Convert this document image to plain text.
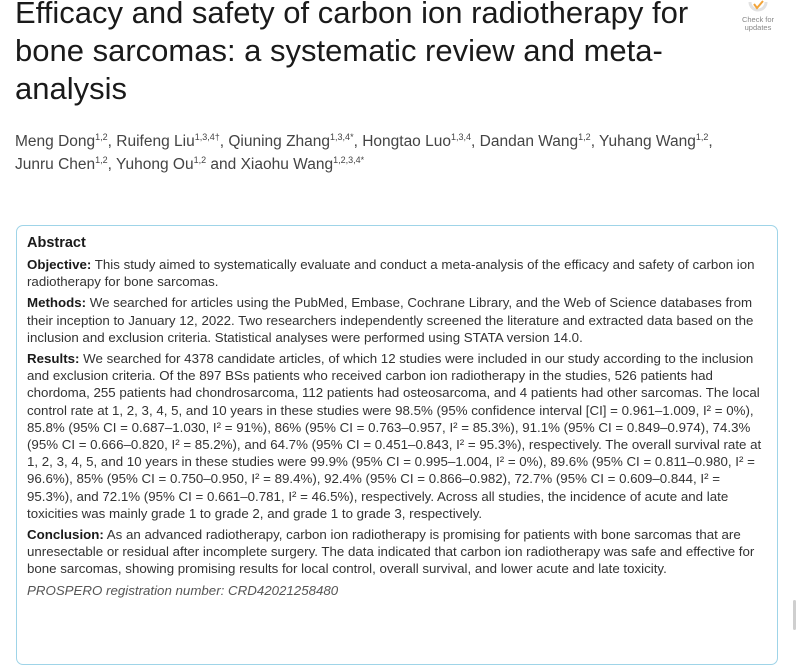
Efficacy and safety of carbon ion radiotherapy for bone sarcomas: a systematic review and meta-analysis
Check for
updates
Meng Dong$^{1,2}$, Ruifeng Liu$^{1,3,4\dagger}$, Qiuning Zhang$^{1,3,4*}$, Hongtao Luo$^{1,3,4}$, Dandan Wang$^{1,2}$, Yuhang Wang$^{1,2}$,
Junru Chen$^{1,2}$, Yuhong Ou$^{1,2}$ and Xiaohu Wang$^{1,2,3,4*}$
Abstract

Objective: This study aimed to systematically evaluate and conduct a meta-analysis of the efficacy and safety of carbon ion radiotherapy for bone sarcomas.

Methods: We searched for articles using the PubMed, Embase, Cochrane Library, and the Web of Science databases from their inception to January 12, 2022. Two researchers independently screened the literature and extracted data based on the inclusion and exclusion criteria. Statistical analyses were performed using STATA version 14.0.

Results: We searched for 4378 candidate articles, of which 12 studies were included in our study according to the inclusion and exclusion criteria. Of the 897 BSs patients who received carbon ion radiotherapy in the studies, 526 patients had chordoma, 255 patients had chondrosarcoma, 112 patients had osteosarcoma, and 4 patients had other sarcomas. The local control rate at 1, 2, 3, 4, 5, and 10 years in these studies were 98.5% (95% confidence interval [CI] = 0.961–1.009, I² = 0%), 85.8% (95% CI = 0.687–1.030, I² = 91%), 86% (95% CI = 0.763–0.957, I² = 85.3%), 91.1% (95% CI = 0.849–0.974), 74.3% (95% CI = 0.666–0.820, I² = 85.2%), and 64.7% (95% CI = 0.451–0.843, I² = 95.3%), respectively. The overall survival rate at 1, 2, 3, 4, 5, and 10 years in these studies were 99.9% (95% CI = 0.995–1.004, I² = 0%), 89.6% (95% CI = 0.811–0.980, I² = 96.6%), 85% (95% CI = 0.750–0.950, I² = 89.4%), 92.4% (95% CI = 0.866–0.982), 72.7% (95% CI = 0.609–0.844, I² = 95.3%), and 72.1% (95% CI = 0.661–0.781, I² = 46.5%), respectively. Across all studies, the incidence of acute and late toxicities was mainly grade 1 to grade 2, and grade 1 to grade 3, respectively.

Conclusion: As an advanced radiotherapy, carbon ion radiotherapy is promising for patients with bone sarcomas that are unresectable or residual after incomplete surgery. The data indicated that carbon ion radiotherapy was safe and effective for bone sarcomas, showing promising results for local control, overall survival, and lower acute and late toxicity.

PROSPERO registration number: CRD42021258480
